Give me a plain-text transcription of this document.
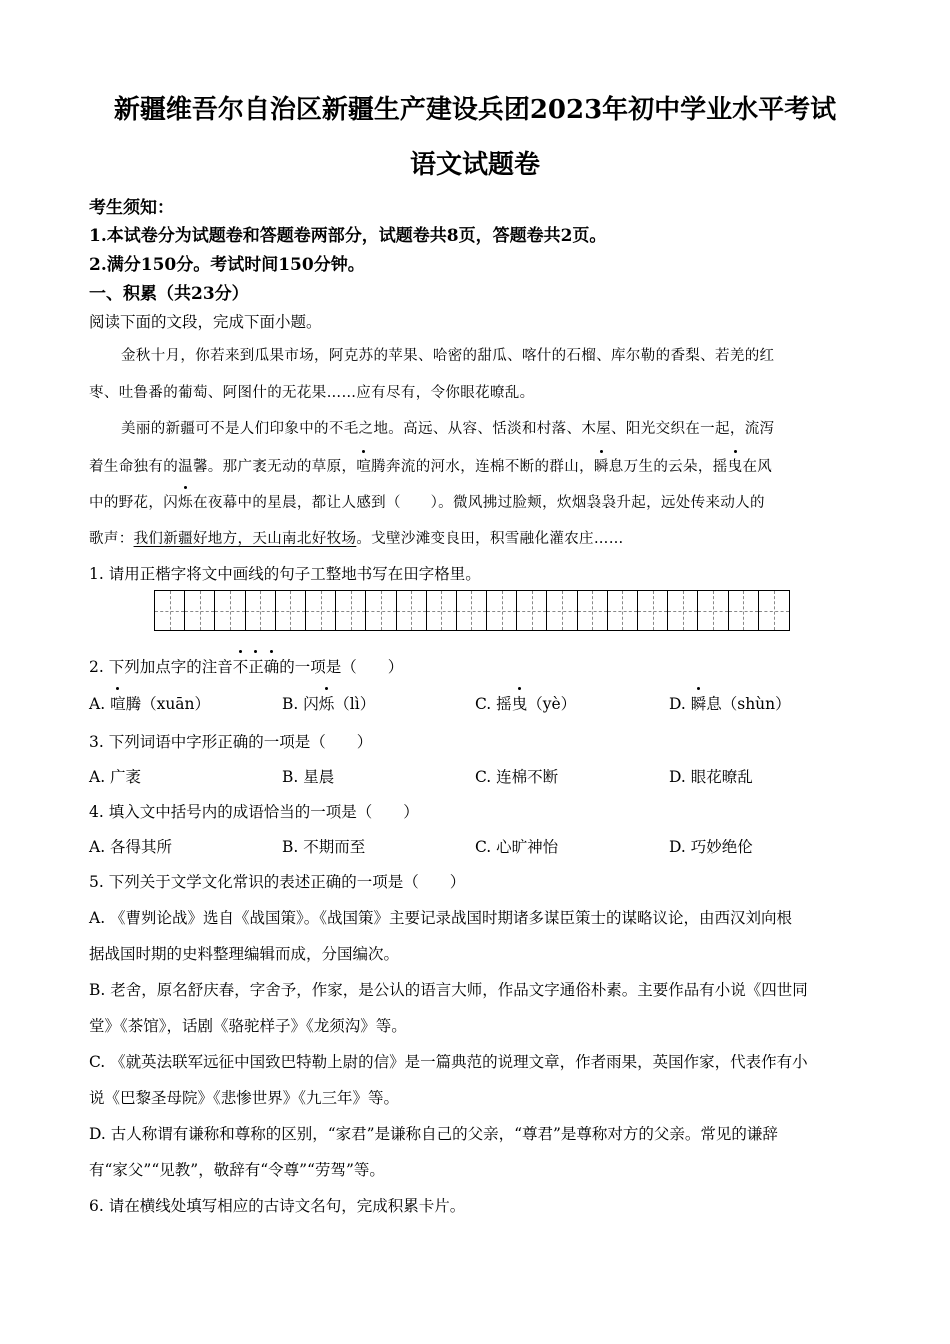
新疆维吾尔自治区新疆生产建设兵团2023年初中学业水平考试
语文试题卷
考生须知：
1.本试卷分为试题卷和答题卷两部分，试题卷共8页，答题卷共2页。
2.满分150分。考试时间150分钟。
一、积累（共23分）
阅读下面的文段，完成下面小题。
金秋十月，你若来到瓜果市场，阿克苏的苹果、哈密的甜瓜、喀什的石榴、库尔勒的香梨、若羌的红
枣、吐鲁番的葡萄、阿图什的无花果……应有尽有，令你眼花暸乱。
美丽的新疆可不是人们印象中的不毛之地。高远、从容、恬淡和村落、木屋、阳光交织在一起，流泻
着生命独有的温馨。那广袤无动的草原，喧腾奔流的河水，连棉不断的群山，瞬息万生的云朵，摇曳在风
中的野花，闪烁在夜幕中的星晨，都让人感到（　　）。微风拂过脸颊，炊烟袅袅升起，远处传来动人的
歌声：我们新疆好地方，天山南北好牧场。戈壁沙滩变良田，积雪融化灌农庄……
1. 请用正楷字将文中画线的句子工整地书写在田字格里。
2. 下列加点字的注音不正确的一项是（　　）
A. 喧腾（xuān）	B. 闪烁（lì）	C. 摇曳（yè）	D. 瞬息（shùn）
3. 下列词语中字形正确的一项是（　　）
A. 广袤	B. 星晨	C. 连棉不断	D. 眼花暸乱
4. 填入文中括号内的成语恰当的一项是（　　）
A. 各得其所	B. 不期而至	C. 心旷神怡	D. 巧妙绝伦
5. 下列关于文学文化常识的表述正确的一项是（　　）
A. 《曹刿论战》选自《战国策》。《战国策》主要记录战国时期诸多谋臣策士的谋略议论，由西汉刘向根
据战国时期的史料整理编辑而成，分国编次。
B. 老舍，原名舒庆春，字舍予，作家，是公认的语言大师，作品文字通俗朴素。主要作品有小说《四世同
堂》《茶馆》，话剧《骆驼样子》《龙须沟》等。
C. 《就英法联军远征中国致巴特勒上尉的信》是一篇典范的说理文章，作者雨果，英国作家，代表作有小
说《巴黎圣母院》《悲惨世界》《九三年》等。
D. 古人称谓有谦称和尊称的区别，“家君”是谦称自己的父亲，“尊君”是尊称对方的父亲。常见的谦辞
有“家父”“见教”，敬辞有“令尊”“劳驾”等。
6. 请在横线处填写相应的古诗文名句，完成积累卡片。
